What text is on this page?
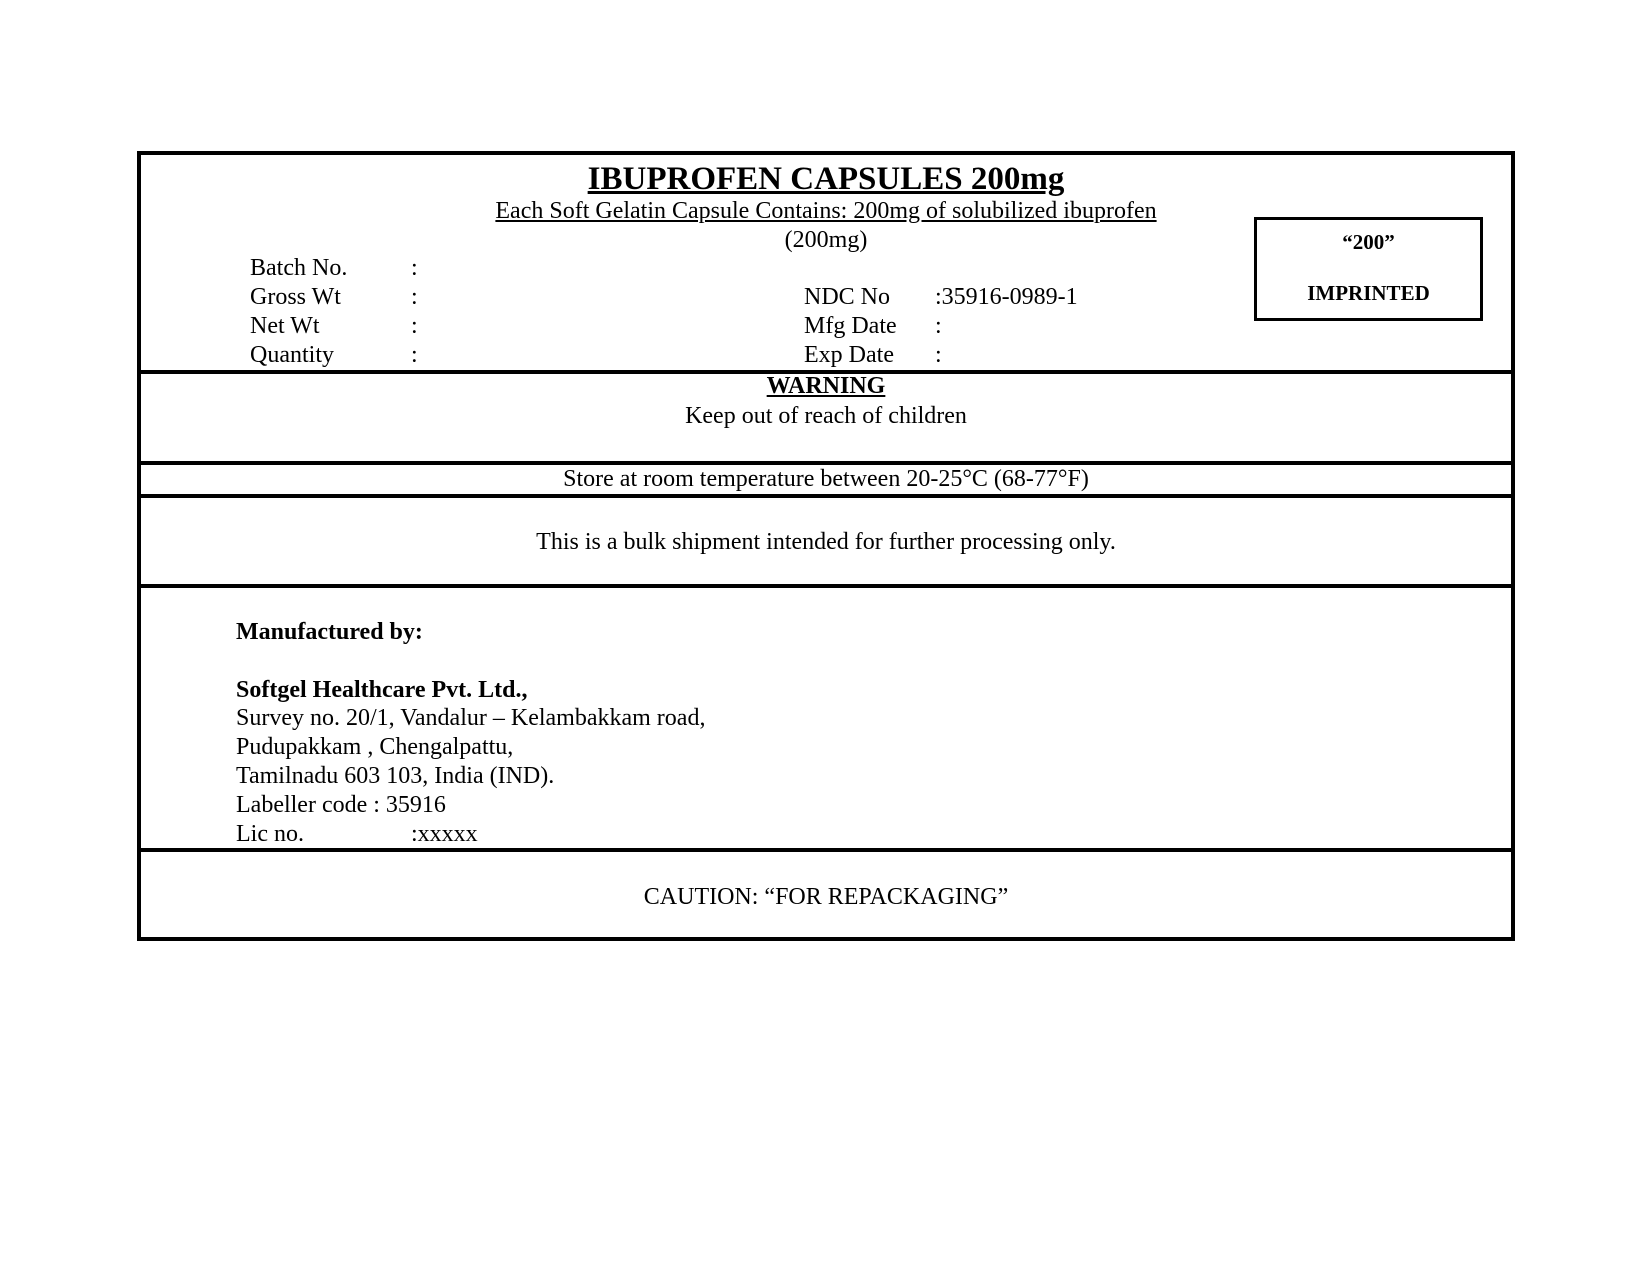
IBUPROFEN CAPSULES 200mg
Each Soft Gelatin Capsule Contains: 200mg of solubilized ibuprofen
(200mg)
Batch No.	:
Gross Wt	:
Net Wt	:
Quantity	:
NDC No :35916-0989-1
Mfg Date :
Exp Date :
“200”
IMPRINTED
WARNING
Keep out of reach of children
Store at room temperature between 20-25°C (68-77°F)
This is a bulk shipment intended for further processing only.
Manufactured by:
Softgel Healthcare Pvt. Ltd.,
Survey no. 20/1, Vandalur – Kelambakkam road,
Pudupakkam , Chengalpattu,
Tamilnadu 603 103, India (IND).
Labeller code : 35916
Lic no.	:xxxxx
CAUTION: “FOR REPACKAGING”
